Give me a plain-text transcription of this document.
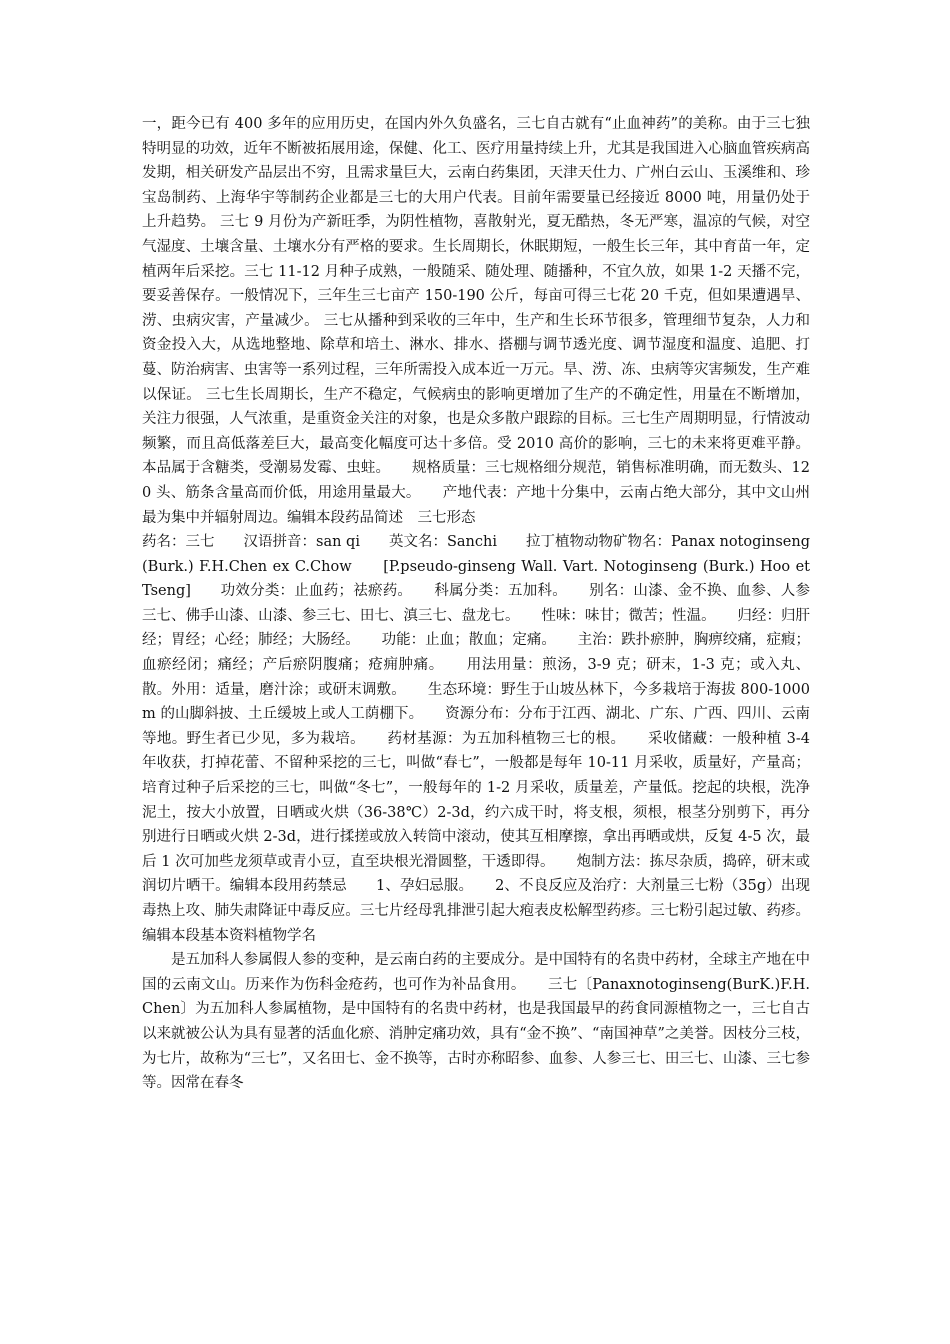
一，距今已有 400 多年的应用历史，在国内外久负盛名，三七自古就有“止血神药”的美称。由于三七独特明显的功效，近年不断被拓展用途，保健、化工、医疗用量持续上升，尤其是我国进入心脑血管疾病高发期，相关研发产品层出不穷，且需求量巨大，云南白药集团，天津天仕力、广州白云山、玉溪维和、珍宝岛制药、上海华宇等制药企业都是三七的大用户代表。目前年需要量已经接近 8000 吨，用量仍处于上升趋势。 三七 9 月份为产新旺季，为阴性植物，喜散射光，夏无酷热，冬无严寒，温凉的气候，对空气湿度、土壤含量、土壤水分有严格的要求。生长周期长，休眠期短，一般生长三年，其中育苗一年，定植两年后采挖。三七 11-12 月种子成熟，一般随采、随处理、随播种，不宜久放，如果 1-2 天播不完，要妥善保存。一般情况下，三年生三七亩产 150-190 公斤，每亩可得三七花 20 千克，但如果遭遇旱、涝、虫病灾害，产量减少。 三七从播种到采收的三年中，生产和生长环节很多，管理细节复杂，人力和资金投入大，从选地整地、除草和培土、淋水、排水、搭棚与调节透光度、调节湿度和温度、追肥、打蔓、防治病害、虫害等一系列过程，三年所需投入成本近一万元。旱、涝、冻、虫病等灾害频发，生产难以保证。 三七生长周期长，生产不稳定，气候病虫的影响更增加了生产的不确定性，用量在不断增加，关注力很强，人气浓重，是重资金关注的对象，也是众多散户跟踪的目标。三七生产周期明显，行情波动频繁，而且高低落差巨大，最高变化幅度可达十多倍。受 2010 高价的影响，三七的未来将更难平静。本品属于含糖类，受潮易发霉、虫蛀。　　规格质量：三七规格细分规范，销售标准明确，而无数头、120 头、筋条含量高而价低，用途用量最大。　　产地代表：产地十分集中，云南占绝大部分，其中文山州最为集中并辐射周边。编辑本段药品简述　三七形态

药名：三七　　汉语拼音：san qi　　英文名：Sanchi　　拉丁植物动物矿物名：Panax notoginseng (Burk.) F.H.Chen ex C.Chow　　[P.pseudo-ginseng Wall. Vart. Notoginseng (Burk.) Hoo et Tseng]　　功效分类：止血药；祛瘀药。　　科属分类：五加科。　　别名：山漆、金不换、血参、人参三七、佛手山漆、山漆、参三七、田七、滇三七、盘龙七。　　性味：味甘；微苦；性温。　　归经：归肝经；胃经；心经；肺经；大肠经。　　功能：止血；散血；定痛。　　主治：跌扑瘀肿，胸痹绞痛，症瘕；血瘀经闭；痛经；产后瘀阴腹痛；疮痈肿痛。　　用法用量：煎汤，3-9 克；研末，1-3 克；或入丸、散。外用：适量，磨汁涂；或研末调敷。　　生态环境：野生于山坡丛林下，今多栽培于海拔 800-1000m 的山脚斜披、土丘缓坡上或人工荫棚下。　　资源分布：分布于江西、湖北、广东、广西、四川、云南等地。野生者已少见，多为栽培。　　药材基源：为五加科植物三七的根。　　采收储藏：一般种植 3-4 年收获，打掉花蕾、不留种采挖的三七，叫做“春七”，一般都是每年 10-11 月采收，质量好，产量高；培育过种子后采挖的三七，叫做“冬七”，一般每年的 1-2 月采收，质量差，产量低。挖起的块根，洗净泥土，按大小放置，日晒或火烘（36-38℃）2-3d，约六成干时，将支根，须根，根茎分别剪下，再分别进行日晒或火烘 2-3d，进行揉搓或放入转筒中滚动，使其互相摩擦，拿出再晒或烘，反复 4-5 次，最后 1 次可加些龙须草或青小豆，直至块根光滑圆整，干透即得。　　炮制方法：拣尽杂质，捣碎，研末或润切片晒干。编辑本段用药禁忌　　1、孕妇忌服。　　2、不良反应及治疗：大剂量三七粉（35g）出现毒热上攻、肺失肃降证中毒反应。三七片经母乳排泄引起大疱表皮松解型药疹。三七粉引起过敏、药疹。编辑本段基本资料植物学名

是五加科人参属假人参的变种，是云南白药的主要成分。是中国特有的名贵中药材，全球主产地在中国的云南文山。历来作为伤科金疮药，也可作为补品食用。　　三七〔Panaxnotoginseng(BurK.)F.H.Chen〕为五加科人参属植物，是中国特有的名贵中药材，也是我国最早的药食同源植物之一，三七自古以来就被公认为具有显著的活血化瘀、消肿定痛功效，具有“金不换”、“南国神草”之美誉。因枝分三枝，为七片，故称为“三七”，又名田七、金不换等，古时亦称昭参、血参、人参三七、田三七、山漆、三七参等。因常在春冬
